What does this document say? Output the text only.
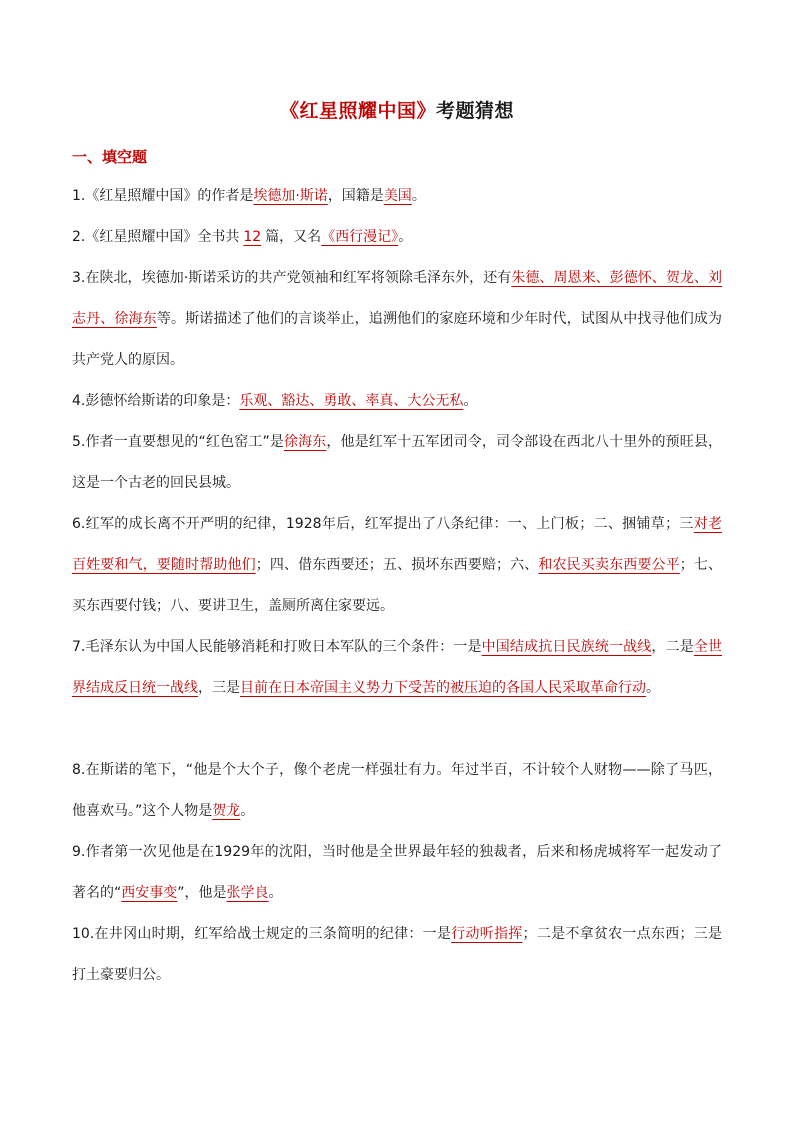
《红星照耀中国》考题猜想
一、填空题
1.《红星照耀中国》的作者是埃德加·斯诺，国籍是美国。
2.《红星照耀中国》全书共 12 篇，又名《西行漫记》。
3.在陕北，埃德加·斯诺采访的共产党领袖和红军将领除毛泽东外，还有朱德、周恩来、彭德怀、贺龙、刘志丹、徐海东等。斯诺描述了他们的言谈举止，追溯他们的家庭环境和少年时代，试图从中找寻他们成为共产党人的原因。
4.彭德怀给斯诺的印象是：乐观、豁达、勇敢、率真、大公无私。
5.作者一直要想见的“红色窑工”是徐海东，他是红军十五军团司令，司令部设在西北八十里外的预旺县，这是一个古老的回民县城。
6.红军的成长离不开严明的纪律，1928年后，红军提出了八条纪律：一、上门板；二、捆铺草；三对老百姓要和气，要随时帮助他们；四、借东西要还；五、损坏东西要赔；六、和农民买卖东西要公平；七、买东西要付钱；八、要讲卫生，盖厕所离住家要远。
7.毛泽东认为中国人民能够消耗和打败日本军队的三个条件：一是中国结成抗日民族统一战线，二是全世界结成反日统一战线，三是目前在日本帝国主义势力下受苦的被压迫的各国人民采取革命行动。
8.在斯诺的笔下，“他是个大个子，像个老虎一样强壮有力。年过半百，不计较个人财物——除了马匹，他喜欢马。”这个人物是贺龙。
9.作者第一次见他是在1929年的沈阳，当时他是全世界最年轻的独裁者，后来和杨虎城将军一起发动了著名的“西安事变”，他是张学良。
10.在井冈山时期，红军给战士规定的三条简明的纪律：一是行动听指挥；二是不拿贫农一点东西；三是打土豪要归公。
